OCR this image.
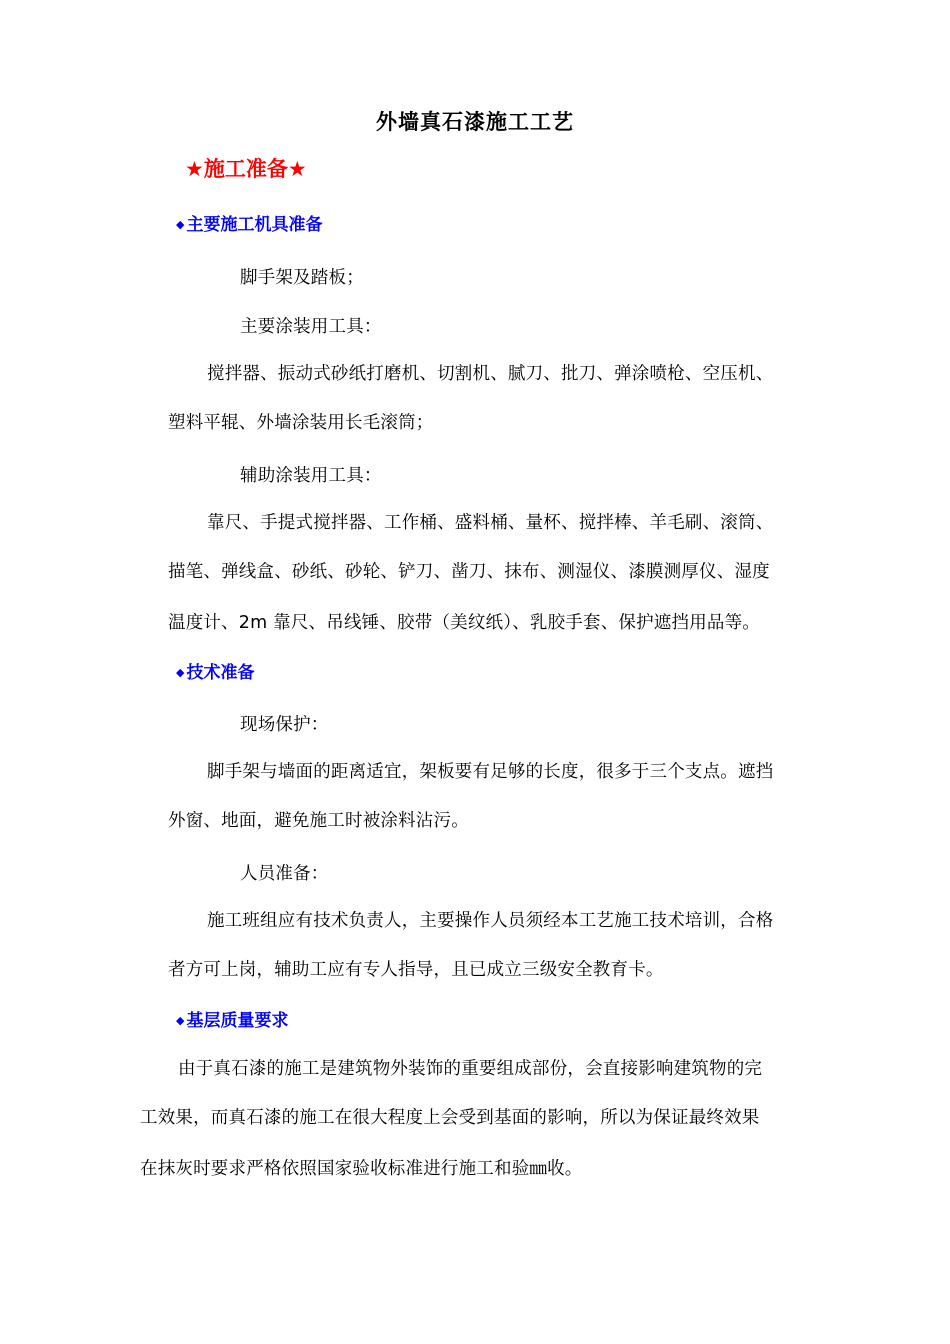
外墙真石漆施工工艺
★施工准备★
◆ 主要施工机具准备
脚手架及踏板；
主要涂装用工具：
搅拌器、振动式砂纸打磨机、切割机、腻刀、批刀、弹涂喷枪、空压机、
塑料平辊、外墙涂装用长毛滚筒；
辅助涂装用工具：
靠尺、手提式搅拌器、工作桶、盛料桶、量杯、搅拌棒、羊毛刷、滚筒、
描笔、弹线盒、砂纸、砂轮、铲刀、凿刀、抹布、测湿仪、漆膜测厚仪、湿度
温度计、2m 靠尺、吊线锤、胶带（美纹纸）、乳胶手套、保护遮挡用品等。
◆ 技术准备
现场保护：
脚手架与墙面的距离适宜，架板要有足够的长度，很多于三个支点。遮挡
外窗、地面，避免施工时被涂料沾污。
人员准备：
施工班组应有技术负责人，主要操作人员须经本工艺施工技术培训，合格
者方可上岗，辅助工应有专人指导，且已成立三级安全教育卡。
◆ 基层质量要求
由于真石漆的施工是建筑物外装饰的重要组成部份，会直接影响建筑物的完
工效果，而真石漆的施工在很大程度上会受到基面的影响，所以为保证最终效果
在抹灰时要求严格依照国家验收标准进行施工和验㎜收。
